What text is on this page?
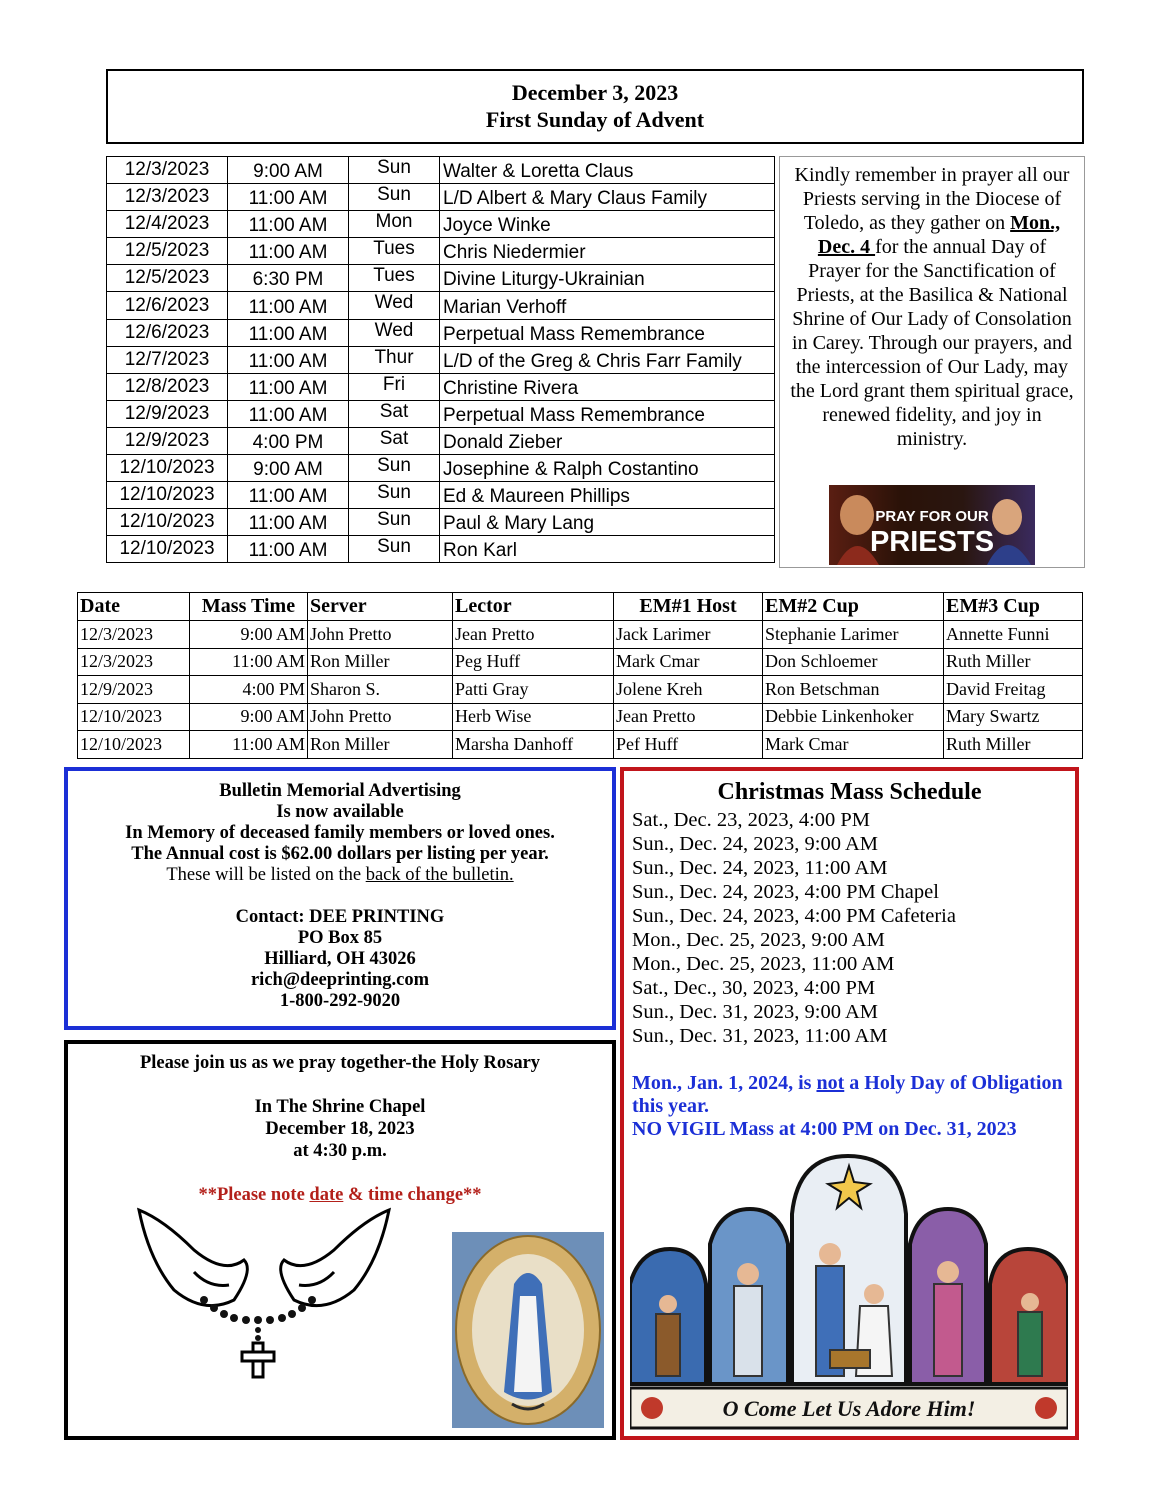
December 3, 2023
First Sunday of Advent
12/3/2023	9:00 AM	Sun	Walter & Loretta Claus
12/3/2023	11:00 AM	Sun	L/D Albert & Mary Claus Family
12/4/2023	11:00 AM	Mon	Joyce Winke
12/5/2023	11:00 AM	Tues	Chris Niedermier
12/5/2023	6:30 PM	Tues	Divine Liturgy-Ukrainian
12/6/2023	11:00 AM	Wed	Marian Verhoff
12/6/2023	11:00 AM	Wed	Perpetual Mass Remembrance
12/7/2023	11:00 AM	Thur	L/D of the Greg & Chris Farr Family
12/8/2023	11:00 AM	Fri	Christine Rivera
12/9/2023	11:00 AM	Sat	Perpetual Mass Remembrance
12/9/2023	4:00 PM	Sat	Donald Zieber
12/10/2023	9:00 AM	Sun	Josephine & Ralph Costantino
12/10/2023	11:00 AM	Sun	Ed & Maureen Phillips
12/10/2023	11:00 AM	Sun	Paul & Mary Lang
12/10/2023	11:00 AM	Sun	Ron Karl
Kindly remember in prayer all our Priests serving in the Diocese of Toledo, as they gather on Mon., Dec. 4 for the annual Day of Prayer for the Sanctification of Priests, at the Basilica & National Shrine of Our Lady of Consolation in Carey. Through our prayers, and the intercession of Our Lady, may the Lord grant them spiritual grace, renewed fidelity, and joy in ministry.
PRAY FOR OUR
PRIESTS
Date	Mass Time	Server	Lector	EM#1 Host	EM#2 Cup	EM#3 Cup
12/3/2023	9:00 AM	John Pretto	Jean Pretto	Jack Larimer	Stephanie Larimer	Annette Funni
12/3/2023	11:00 AM	Ron Miller	Peg Huff	Mark Cmar	Don Schloemer	Ruth Miller
12/9/2023	4:00 PM	Sharon S.	Patti Gray	Jolene Kreh	Ron Betschman	David Freitag
12/10/2023	9:00 AM	John Pretto	Herb Wise	Jean Pretto	Debbie Linkenhoker	Mary Swartz
12/10/2023	11:00 AM	Ron Miller	Marsha Danhoff	Pef Huff	Mark Cmar	Ruth Miller
Bulletin Memorial Advertising
Is now available
In Memory of deceased family members or loved ones.
The Annual cost is $62.00 dollars per listing per year.
These will be listed on the back of the bulletin.
Contact: DEE PRINTING
PO Box 85
Hilliard, OH 43026
rich@deeprinting.com
1-800-292-9020
Please join us as we pray together-the Holy Rosary
In The Shrine Chapel
December 18, 2023
at 4:30 p.m.
**Please note date & time change**
Christmas Mass Schedule
Sat., Dec. 23, 2023, 4:00 PM
Sun., Dec. 24, 2023, 9:00 AM
Sun., Dec. 24, 2023, 11:00 AM
Sun., Dec. 24, 2023, 4:00 PM Chapel
Sun., Dec. 24, 2023, 4:00 PM Cafeteria
Mon., Dec. 25, 2023, 9:00 AM
Mon., Dec. 25, 2023, 11:00 AM
Sat., Dec., 30, 2023, 4:00 PM
Sun., Dec. 31, 2023, 9:00 AM
Sun., Dec. 31, 2023, 11:00 AM
Mon., Jan. 1, 2024, is not a Holy Day of Obligation this year.
NO VIGIL Mass at 4:00 PM on Dec. 31, 2023
O Come Let Us Adore Him!
